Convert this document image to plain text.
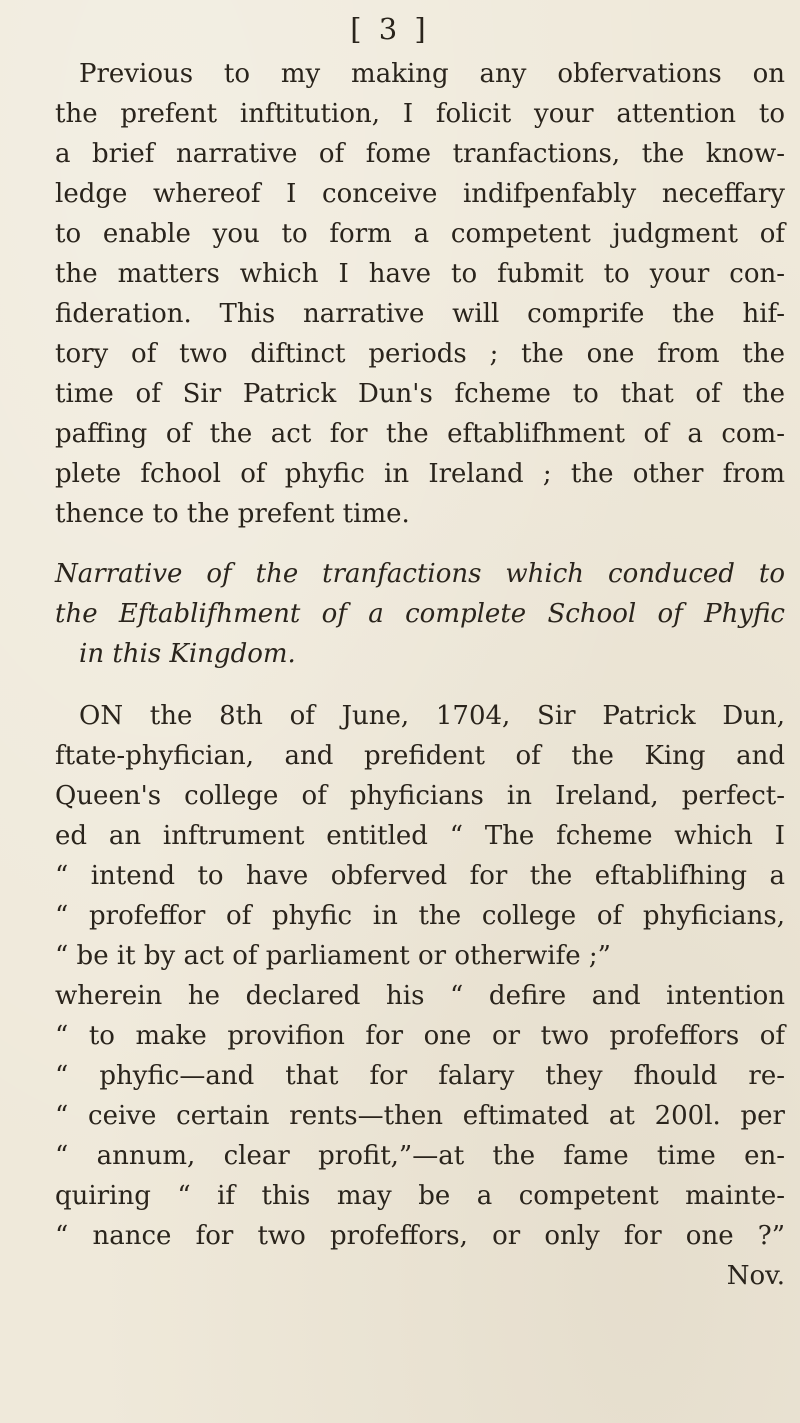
[ 3 ]
Previous to my making any obfervations on
the prefent inftitution, I folicit your attention to
a brief narrative of fome tranfactions, the know-
ledge whereof I conceive indifpenfably neceffary
to enable you to form a competent judgment of
the matters which I have to fubmit to your con-
fideration. This narrative will comprife the hif-
tory of two diftinct periods ; the one from the
time of Sir Patrick Dun's fcheme to that of the
paffing of the act for the eftablifhment of a com-
plete fchool of phyfic in Ireland ; the other from
thence to the prefent time.
Narrative of the tranfactions which conduced to
the Eftablifhment of a complete School of Phyfic
in this Kingdom.
ON the 8th of June, 1704, Sir Patrick Dun,
ftate-phyfician, and prefident of the King and
Queen's college of phyficians in Ireland, perfect-
ed an inftrument entitled “ The fcheme which I
“ intend to have obferved for the eftablifhing a
“ profeffor of phyfic in the college of phyficians,
“ be it by act of parliament or otherwife ;”
wherein he declared his “ defire and intention
“ to make provifion for one or two profeffors of
“ phyfic—and that for falary they fhould re-
“ ceive certain rents—then eftimated at 200l. per
“ annum, clear profit,”—at the fame time en-
quiring “ if this may be a competent mainte-
“ nance for two profeffors, or only for one ?”
Nov.
